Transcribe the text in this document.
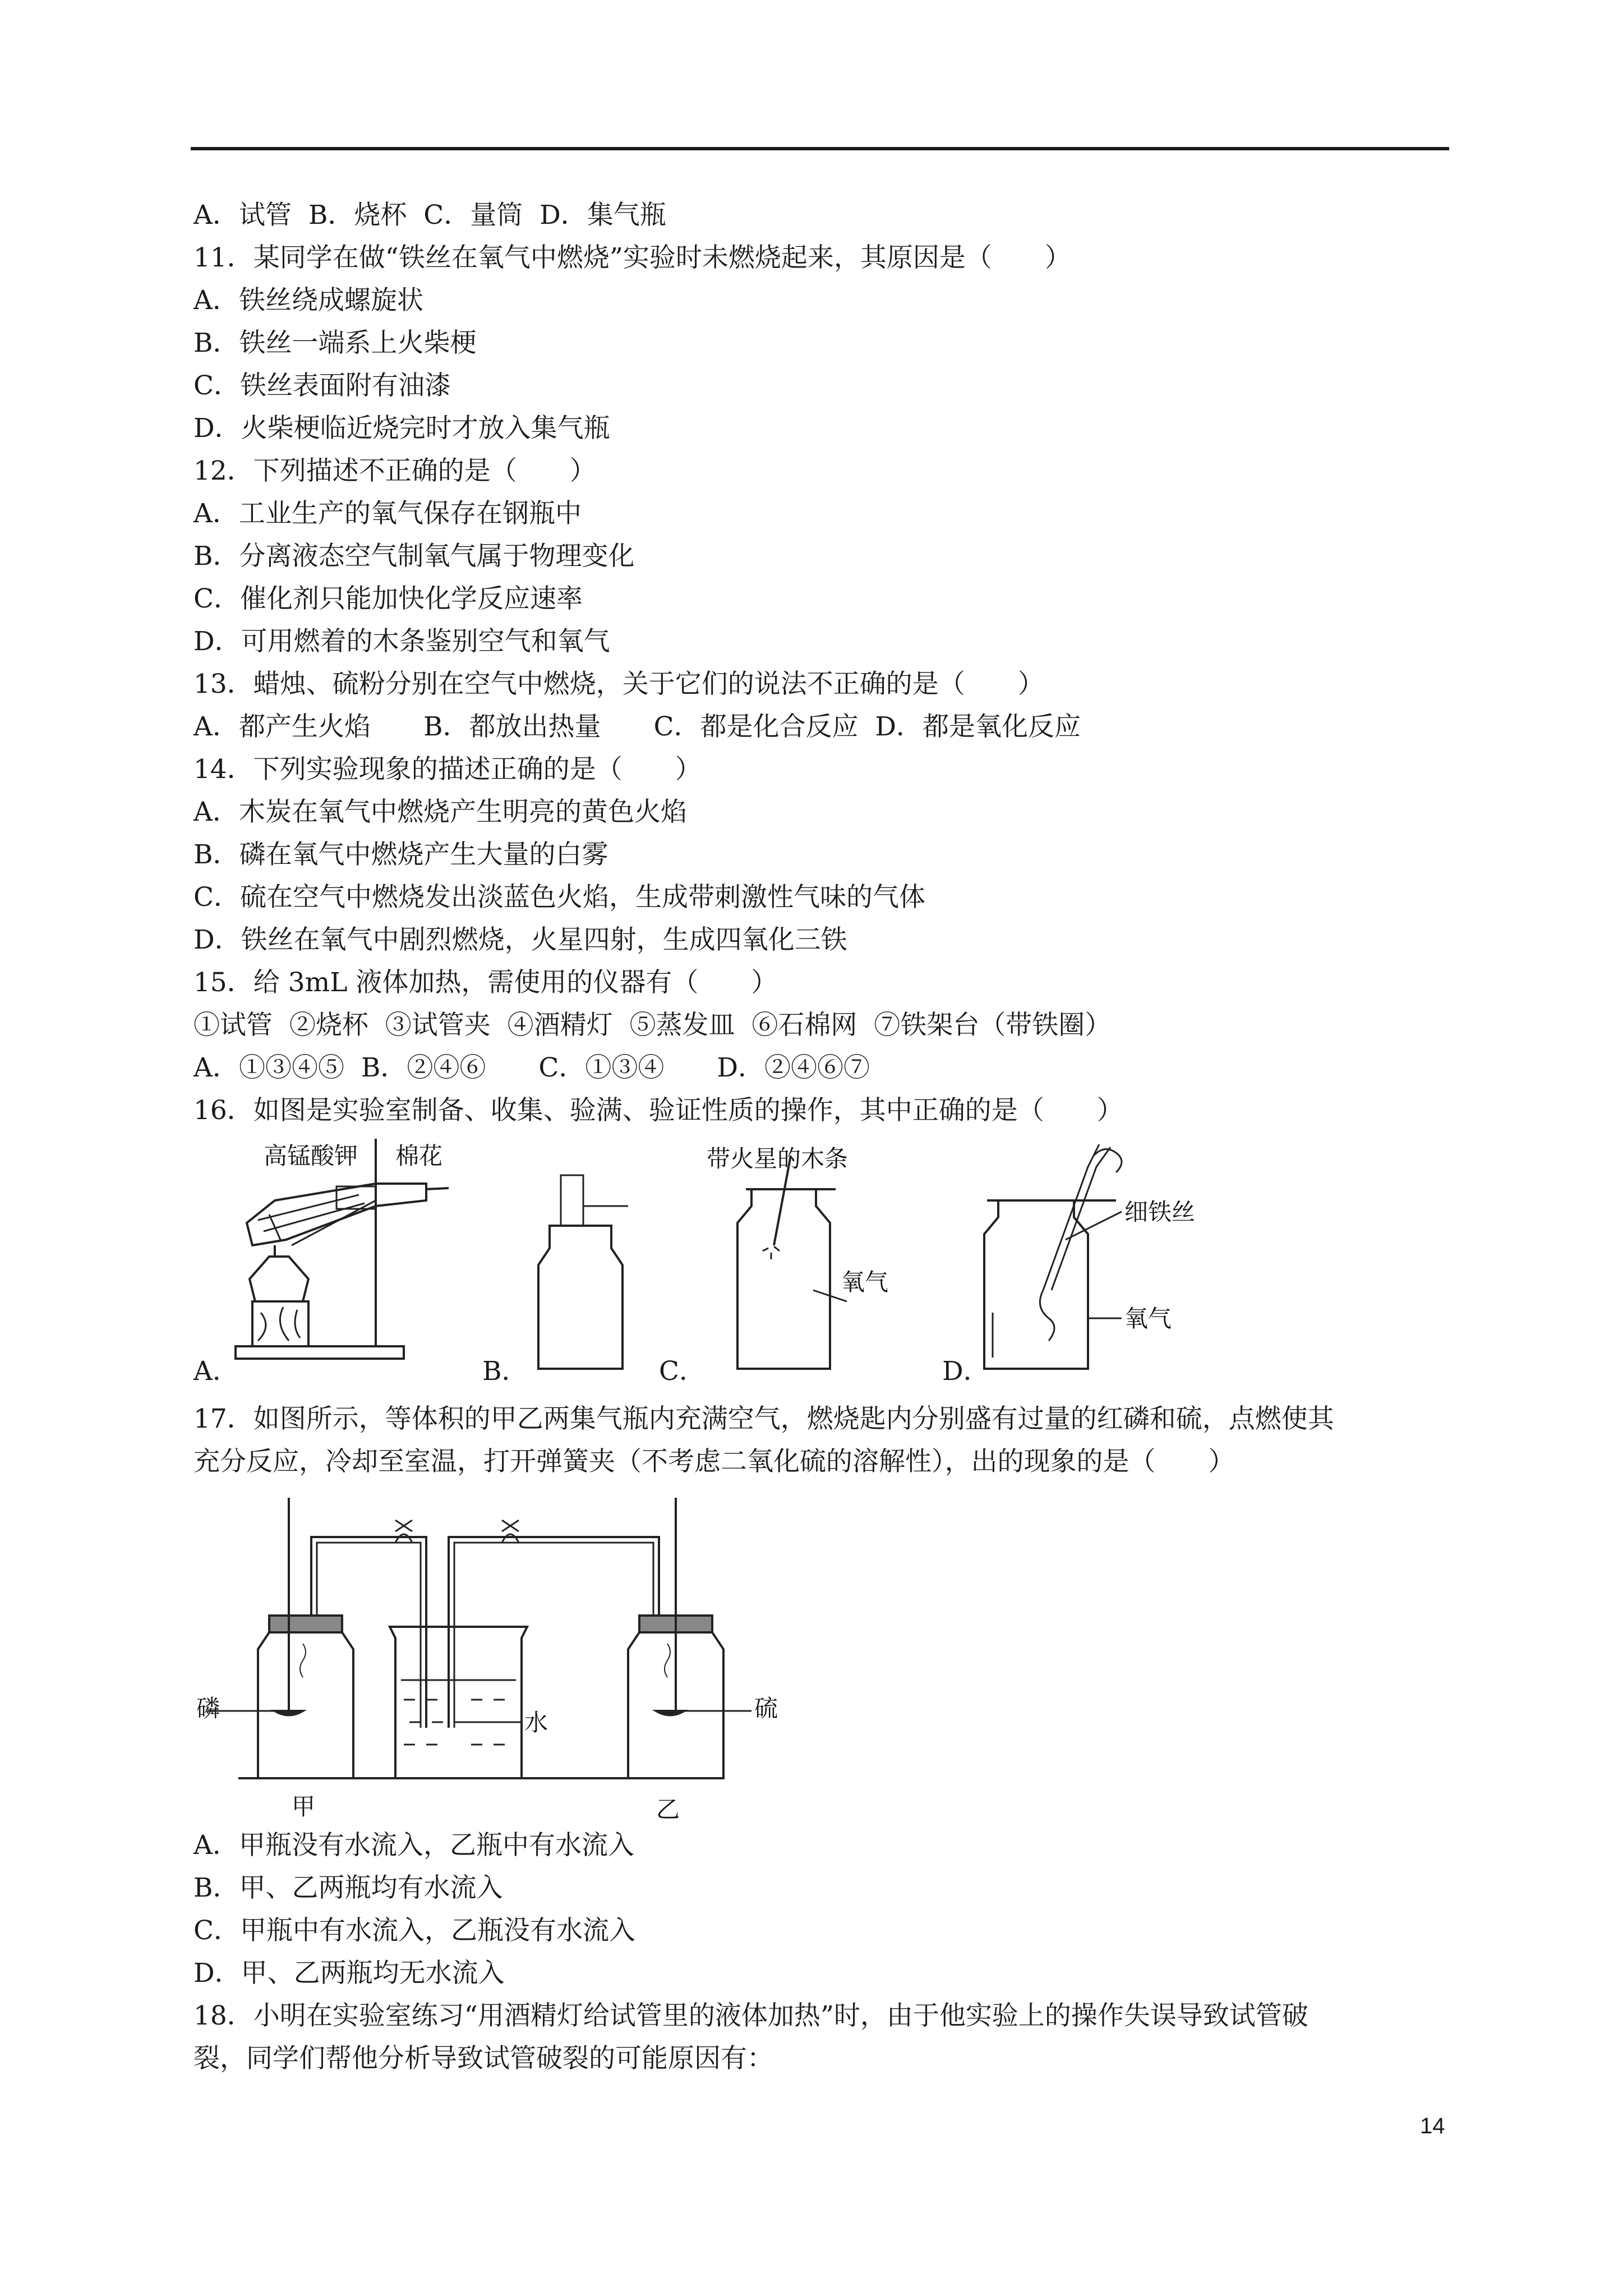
A．试管  B．烧杯  C．量筒  D．集气瓶
11．某同学在做“铁丝在氧气中燃烧”实验时未燃烧起来，其原因是（　　）
A．铁丝绕成螺旋状
B．铁丝一端系上火柴梗
C．铁丝表面附有油漆
D．火柴梗临近烧完时才放入集气瓶
12．下列描述不正确的是（　　）
A．工业生产的氧气保存在钢瓶中
B．分离液态空气制氧气属于物理变化
C．催化剂只能加快化学反应速率
D．可用燃着的木条鉴别空气和氧气
13．蜡烛、硫粉分别在空气中燃烧，关于它们的说法不正确的是（　　）
A．都产生火焰　　B．都放出热量　　C．都是化合反应  D．都是氧化反应
14．下列实验现象的描述正确的是（　　）
A．木炭在氧气中燃烧产生明亮的黄色火焰
B．磷在氧气中燃烧产生大量的白雾
C．硫在空气中燃烧发出淡蓝色火焰，生成带刺激性气味的气体
D．铁丝在氧气中剧烈燃烧，火星四射，生成四氧化三铁
15．给 3mL 液体加热，需使用的仪器有（　　）
①试管  ②烧杯  ③试管夹  ④酒精灯  ⑤蒸发皿  ⑥石棉网  ⑦铁架台（带铁圈）
A．①③④⑤  B．②④⑥　　C．①③④　　D．②④⑥⑦
16．如图是实验室制备、收集、验满、验证性质的操作，其中正确的是（　　）
高锰酸钾 棉花	带火星的木条
氧气
细铁丝
氧气
A．	B．	C．	D．
17．如图所示，等体积的甲乙两集气瓶内充满空气，燃烧匙内分别盛有过量的红磷和硫，点燃使其
充分反应，冷却至室温，打开弹簧夹（不考虑二氧化硫的溶解性），出的现象的是（　　）
磷
水
硫
甲	乙
A．甲瓶没有水流入，乙瓶中有水流入
B．甲、乙两瓶均有水流入
C．甲瓶中有水流入，乙瓶没有水流入
D．甲、乙两瓶均无水流入
18．小明在实验室练习“用酒精灯给试管里的液体加热”时，由于他实验上的操作失误导致试管破
裂，同学们帮他分析导致试管破裂的可能原因有：
14
